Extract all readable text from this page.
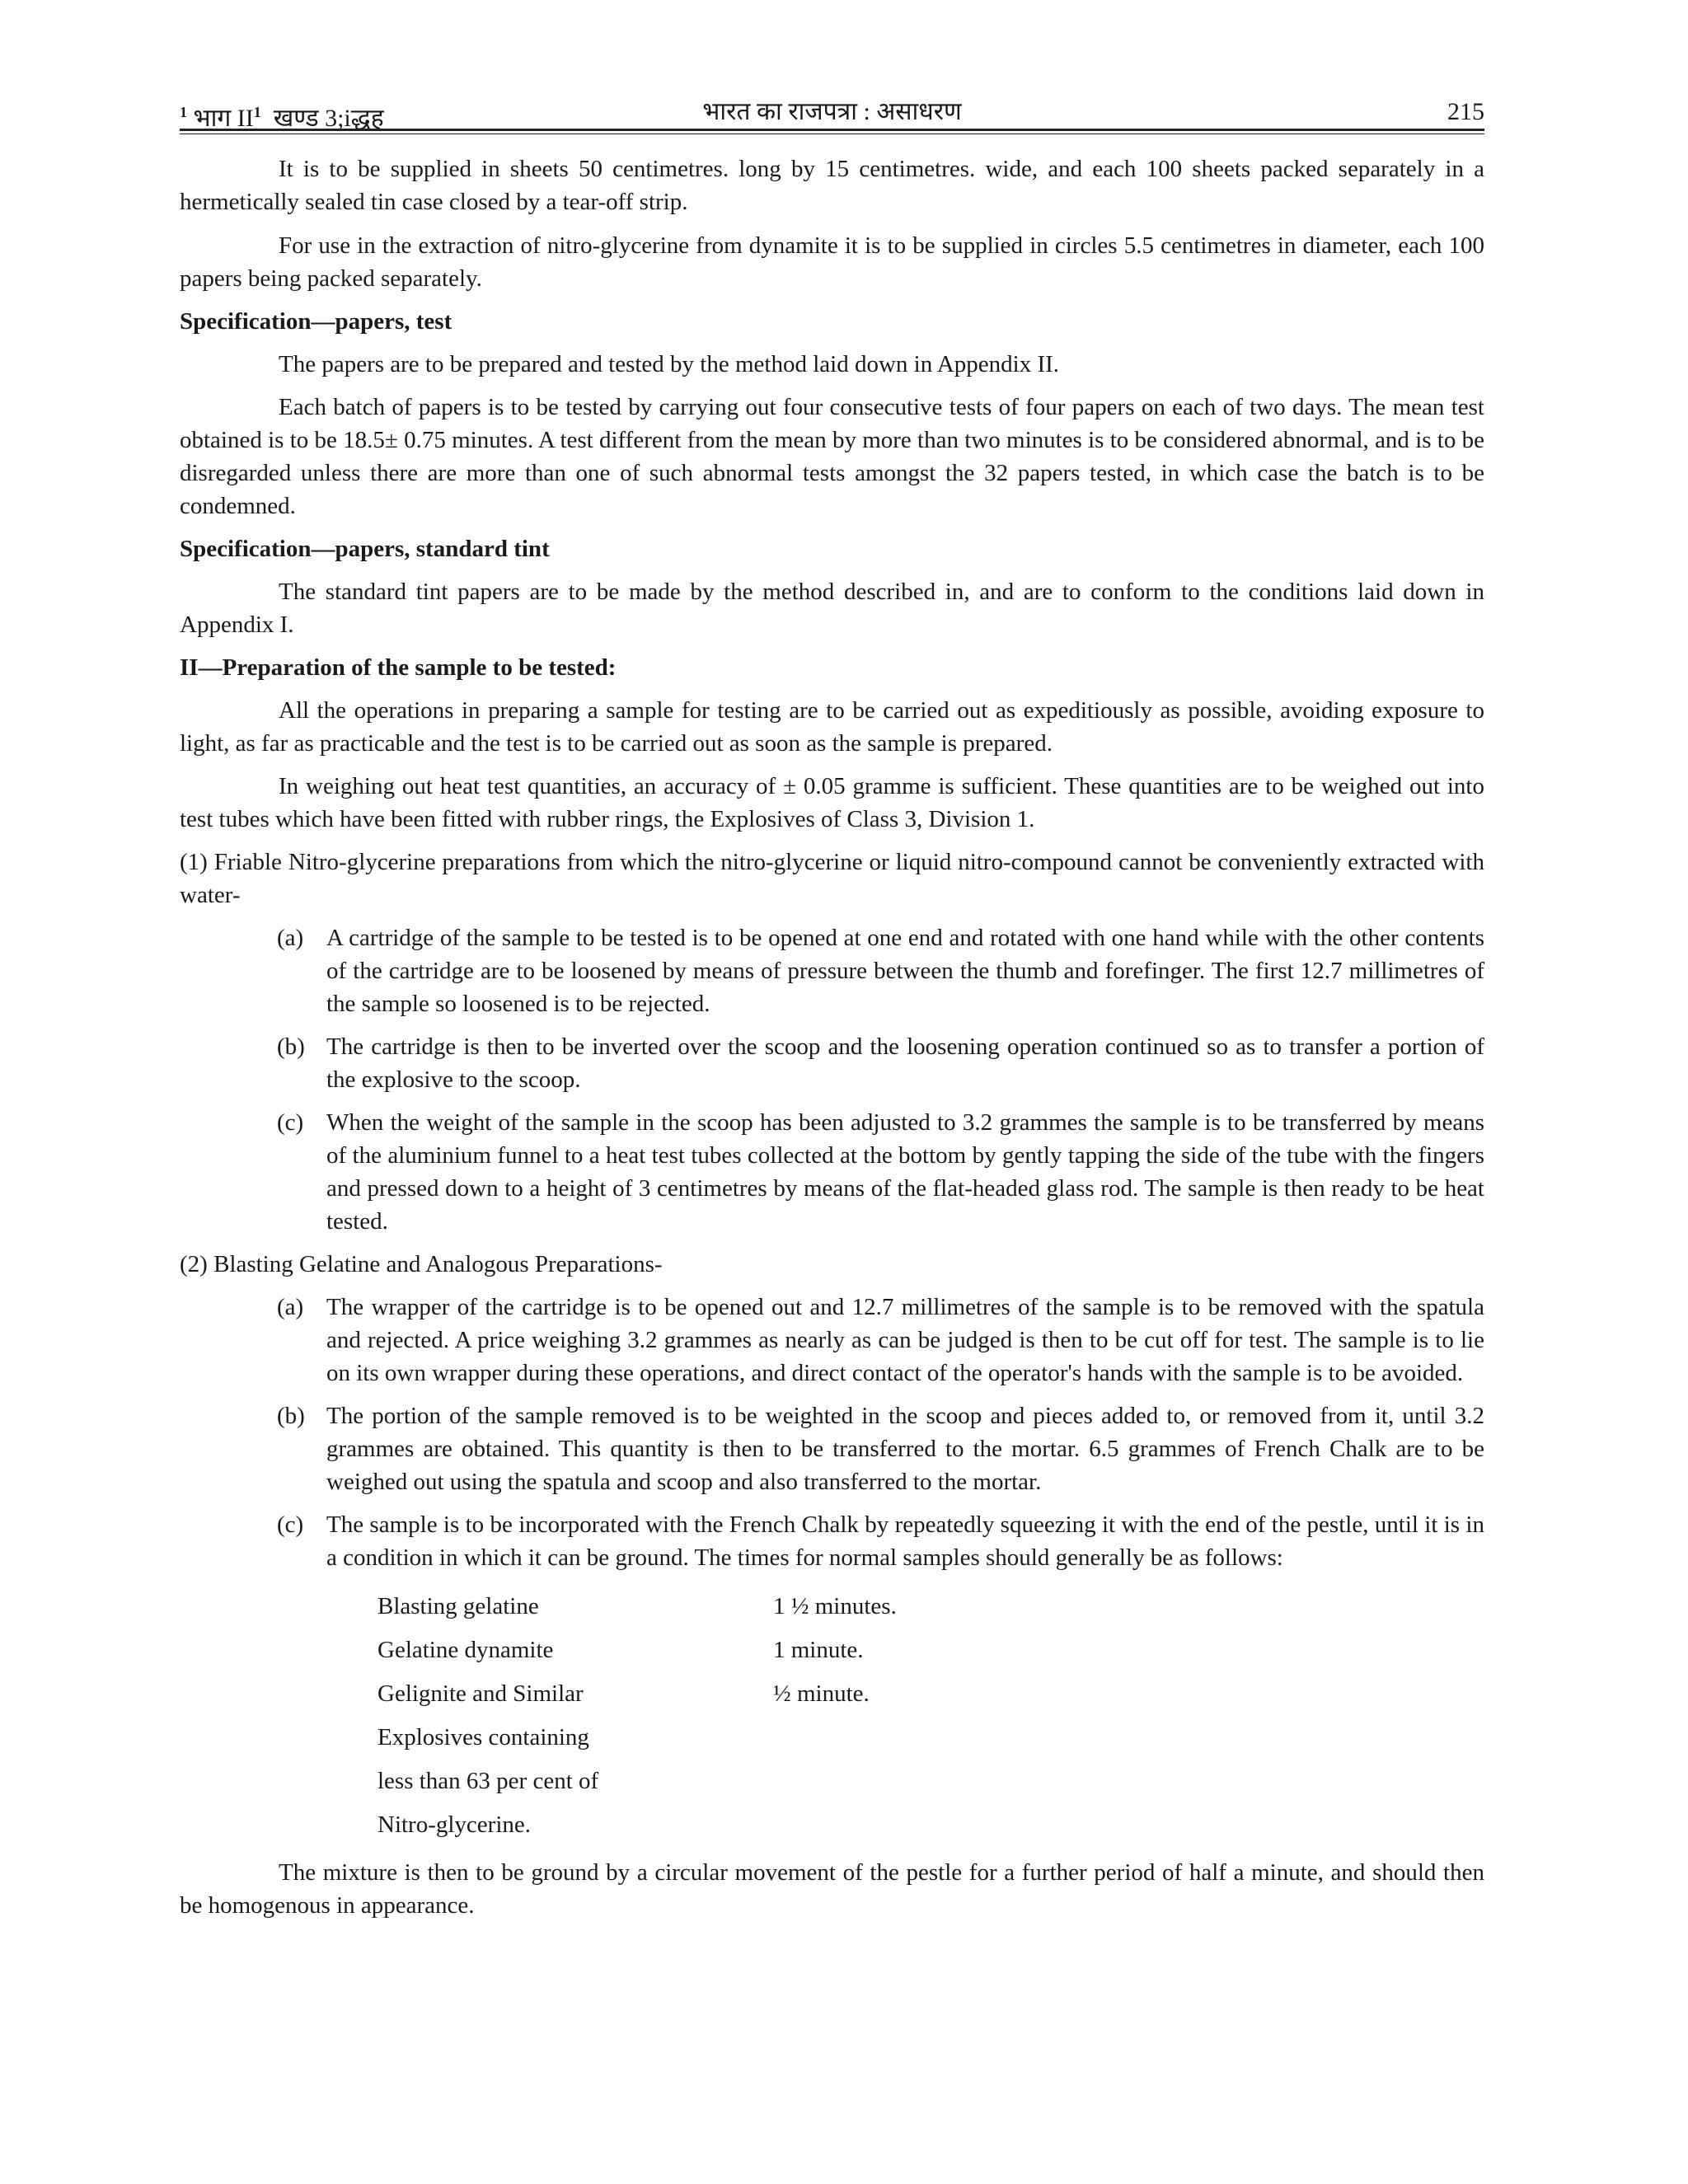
$^1$ भाग $II^1$ खण्ड 3;iद्धह	भारत का राजपत्रा : असाधरण	215

It is to be supplied in sheets 50 centimetres. long by 15 centimetres. wide, and each 100 sheets packed separately in a hermetically sealed tin case closed by a tear-off strip.

For use in the extraction of nitro-glycerine from dynamite it is to be supplied in circles 5.5 centimetres in diameter, each 100 papers being packed separately.

Specification—papers, test

The papers are to be prepared and tested by the method laid down in Appendix II.

Each batch of papers is to be tested by carrying out four consecutive tests of four papers on each of two days. The mean test obtained is to be 18.5± 0.75 minutes. A test different from the mean by more than two minutes is to be considered abnormal, and is to be disregarded unless there are more than one of such abnormal tests amongst the 32 papers tested, in which case the batch is to be condemned.

Specification—papers, standard tint

The standard tint papers are to be made by the method described in, and are to conform to the conditions laid down in Appendix I.

II—Preparation of the sample to be tested:

All the operations in preparing a sample for testing are to be carried out as expeditiously as possible, avoiding exposure to light, as far as practicable and the test is to be carried out as soon as the sample is prepared.

In weighing out heat test quantities, an accuracy of ± 0.05 gramme is sufficient. These quantities are to be weighed out into test tubes which have been fitted with rubber rings, the Explosives of Class 3, Division 1.

(1) Friable Nitro-glycerine preparations from which the nitro-glycerine or liquid nitro-compound cannot be conveniently extracted with water-

(a) A cartridge of the sample to be tested is to be opened at one end and rotated with one hand while with the other contents of the cartridge are to be loosened by means of pressure between the thumb and forefinger. The first 12.7 millimetres of the sample so loosened is to be rejected.
(b) The cartridge is then to be inverted over the scoop and the loosening operation continued so as to transfer a portion of the explosive to the scoop.
(c) When the weight of the sample in the scoop has been adjusted to 3.2 grammes the sample is to be transferred by means of the aluminium funnel to a heat test tubes collected at the bottom by gently tapping the side of the tube with the fingers and pressed down to a height of 3 centimetres by means of the flat-headed glass rod. The sample is then ready to be heat tested.

(2) Blasting Gelatine and Analogous Preparations-

(a) The wrapper of the cartridge is to be opened out and 12.7 millimetres of the sample is to be removed with the spatula and rejected. A price weighing 3.2 grammes as nearly as can be judged is then to be cut off for test. The sample is to lie on its own wrapper during these operations, and direct contact of the operator's hands with the sample is to be avoided.
(b) The portion of the sample removed is to be weighted in the scoop and pieces added to, or removed from it, until 3.2 grammes are obtained. This quantity is then to be transferred to the mortar. 6.5 grammes of French Chalk are to be weighed out using the spatula and scoop and also transferred to the mortar.
(c) The sample is to be incorporated with the French Chalk by repeatedly squeezing it with the end of the pestle, until it is in a condition in which it can be ground. The times for normal samples should generally be as follows:
Blasting gelatine	1 ½ minutes.
Gelatine dynamite	1 minute.
Gelignite and Similar	½ minute.
Explosives containing
less than 63 per cent of
Nitro-glycerine.

The mixture is then to be ground by a circular movement of the pestle for a further period of half a minute, and should then be homogenous in appearance.
